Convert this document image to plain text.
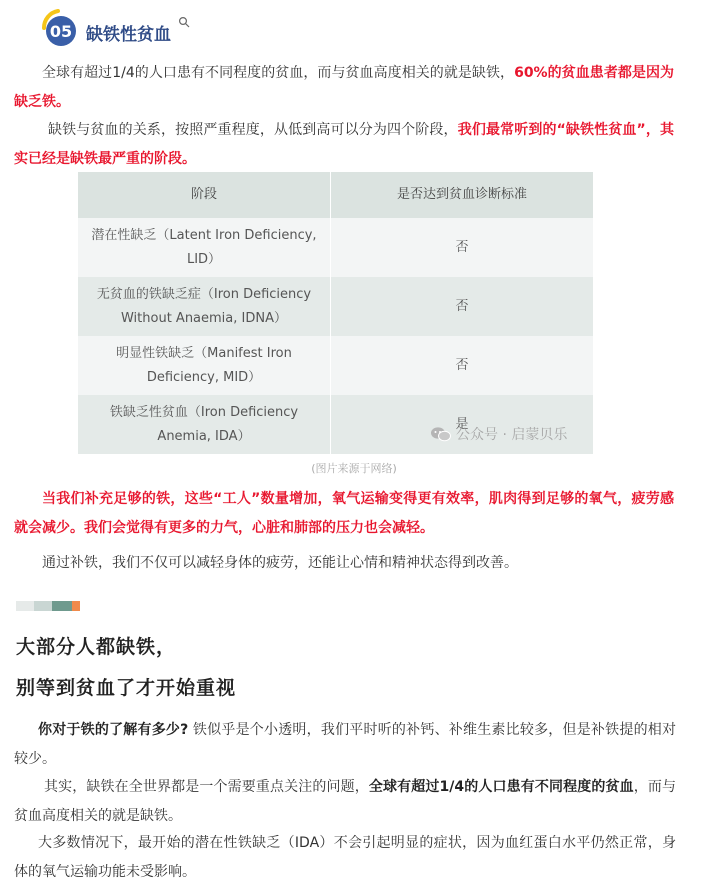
05 缺铁性贫血

全球有超过1/4的人口患有不同程度的贫血，而与贫血高度相关的就是缺铁，60%的贫血患者都是因为缺乏铁。

缺铁与贫血的关系，按照严重程度，从低到高可以分为四个阶段，我们最常听到的“缺铁性贫血”，其实已经是缺铁最严重的阶段。

阶段	是否达到贫血诊断标准
潜在性缺乏（Latent Iron Deficiency, LID）	否
无贫血的铁缺乏症（Iron Deficiency Without Anaemia, IDNA）	否
明显性铁缺乏（Manifest Iron Deficiency, MID）	否
铁缺乏性贫血（Iron Deficiency Anemia, IDA）	是
公众号 · 启蒙贝乐
(图片来源于网络)

当我们补充足够的铁，这些“工人”数量增加，氧气运输变得更有效率，肌肉得到足够的氧气，疲劳感就会减少。我们会觉得有更多的力气，心脏和肺部的压力也会减轻。

通过补铁，我们不仅可以减轻身体的疲劳，还能让心情和精神状态得到改善。

大部分人都缺铁，
别等到贫血了才开始重视

你对于铁的了解有多少? 铁似乎是个小透明，我们平时听的补钙、补维生素比较多，但是补铁提的相对较少。

其实，缺铁在全世界都是一个需要重点关注的问题，全球有超过1/4的人口患有不同程度的贫血，而与贫血高度相关的就是缺铁。

大多数情况下，最开始的潜在性铁缺乏（IDA）不会引起明显的症状，因为血红蛋白水平仍然正常，身体的氧气运输功能未受影响。
